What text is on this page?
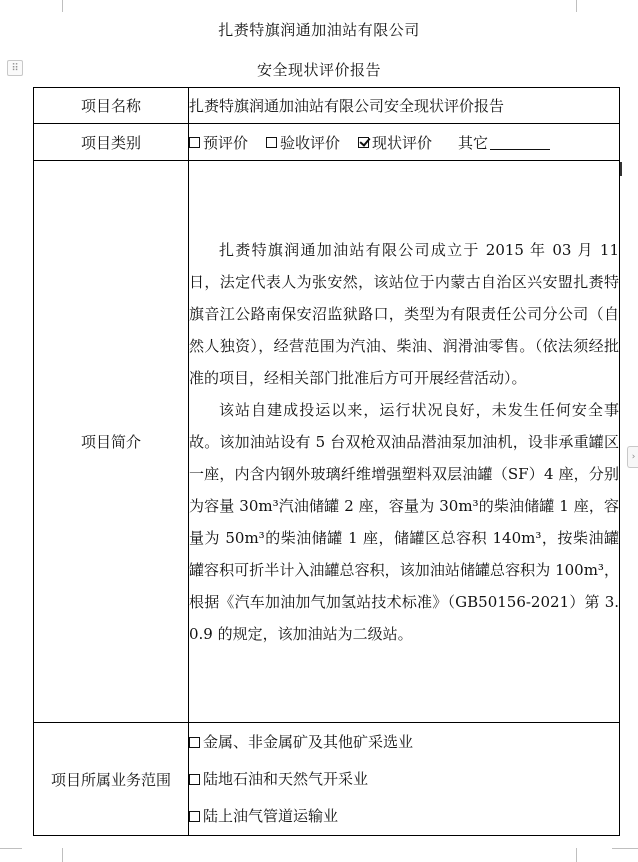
⠿
›
扎赉特旗润通加油站有限公司
安全现状评价报告
项目名称	扎赉特旗润通加油站有限公司安全现状评价报告
项目类别	预评价 验收评价 现状评价 其它

项目简介	扎赉特旗润通加油站有限公司成立于 2015 年 03 月 11 日，法定代表人为张安然，该站位于内蒙古自治区兴安盟扎赉特旗音江公路南保安沼监狱路口，类型为有限责任公司分公司（自然人独资），经营范围为汽油、柴油、润滑油零售。（依法须经批准的项目，经相关部门批准后方可开展经营活动）。

该站自建成投运以来，运行状况良好，未发生任何安全事故。该加油站设有 5 台双枪双油品潜油泵加油机，设非承重罐区一座，内含内钢外玻璃纤维增强塑料双层油罐（SF）4 座，分别为容量 30m³汽油储罐 2 座，容量为 30m³的柴油储罐 1 座，容量为 50m³的柴油储罐 1 座，储罐区总容积 140m³，按柴油罐罐容积可折半计入油罐总容积，该加油站储罐总容积为 100m³，根据《汽车加油加气加氢站技术标准》（GB50156-2021）第 3.0.9 的规定，该加油站为二级站。

项目所属业务范围	金属、非金属矿及其他矿采选业
陆地石油和天然气开采业
陆上油气管道运输业
